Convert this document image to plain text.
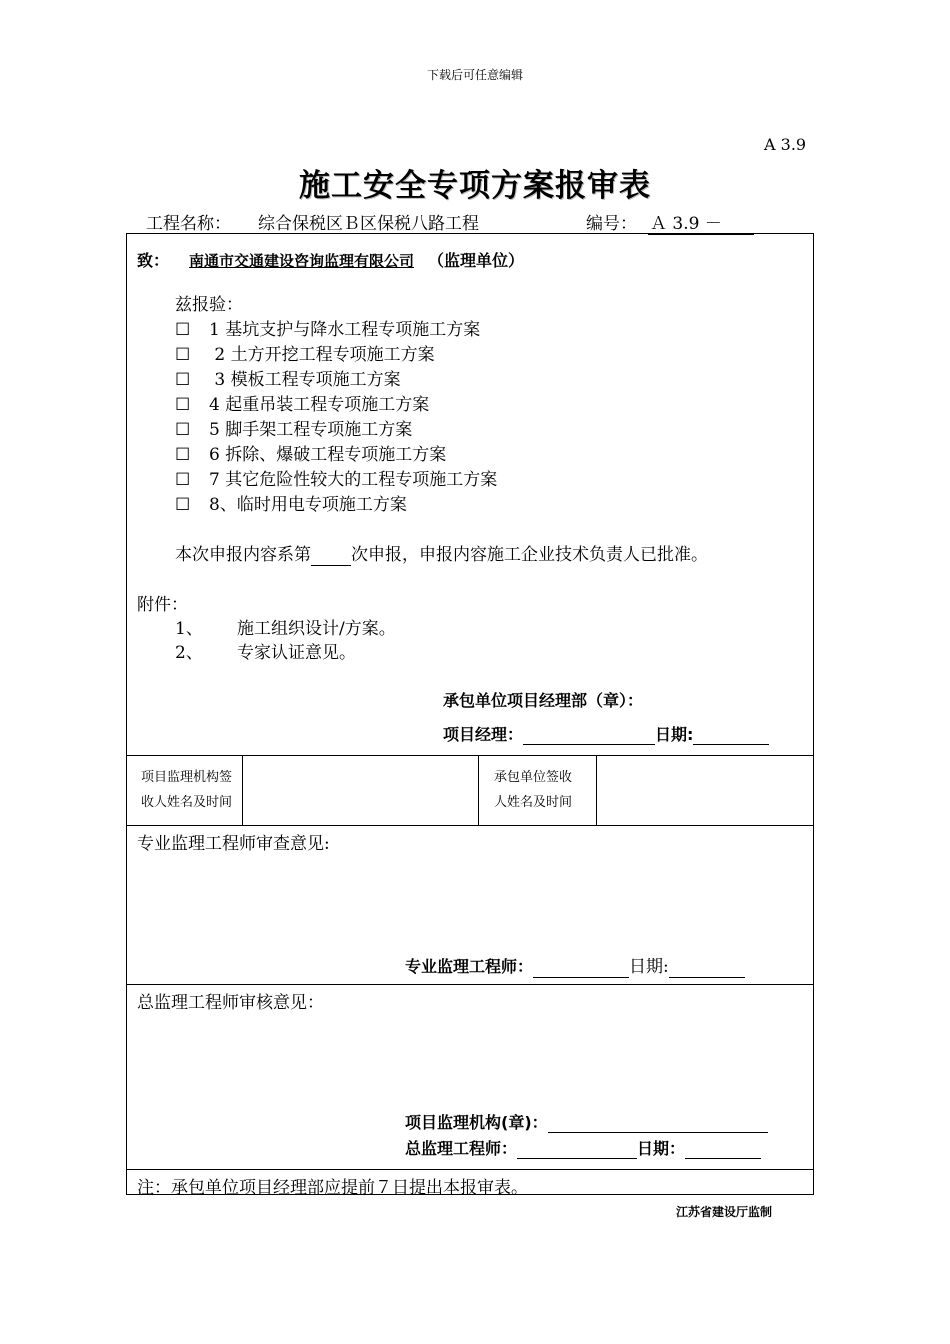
下载后可任意编辑
A 3.9
施工安全专项方案报审表
工程名称： 综合保税区Ｂ区保税八路工程	编号： Ａ 3.9 －
致： 南通市交通建设咨询监理有限公司 （监理单位）
兹报验：
☐ 1 基坑支护与降水工程专项施工方案
☐ 2 土方开挖工程专项施工方案
☐ 3 模板工程专项施工方案
☐ 4 起重吊装工程专项施工方案
☐ 5 脚手架工程专项施工方案
☐ 6 拆除、爆破工程专项施工方案
☐ 7 其它危险性较大的工程专项施工方案
☐ 8、临时用电专项施工方案
本次申报内容系第 次申报，申报内容施工企业技术负责人已批准。
附件：
1、 施工组织设计/方案。
2、 专家认证意见。
承包单位项目经理部（章）：
项目经理：	日期:
项目监理机构签
收人姓名及时间
承包单位签收
人姓名及时间
专业监理工程师审查意见:
专业监理工程师：	日期:
总监理工程师审核意见：
项目监理机构(章)：
总监理工程师：	日期：
注：承包单位项目经理部应提前７日提出本报审表。
江苏省建设厅监制
